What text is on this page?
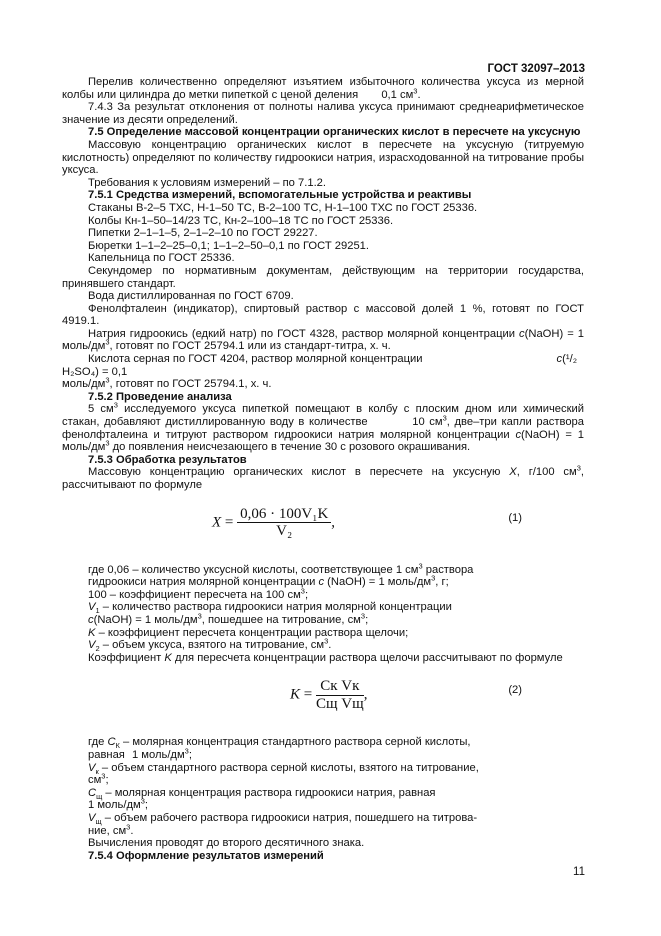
ГОСТ 32097–2013

Перелив количественно определяют изъятием избыточного количества уксуса из мерной колбы или цилиндра до метки пипеткой с ценой деления 0,1 $см^3$.

7.4.3 За результат отклонения от полноты налива уксуса принимают среднеарифметическое значение из десяти определений.

7.5 Определение массовой концентрации органических кислот в пересчете на уксусную

Массовую концентрацию органических кислот в пересчете на уксусную (титруемую кислотность) определяют по количеству гидроокиси натрия, израсходованной на титрование пробы уксуса.

Требования к условиям измерений – по 7.1.2.

7.5.1 Средства измерений, вспомогательные устройства и реактивы

Стаканы В-2–5 ТХС, Н-1–50 ТС, В-2–100 ТС, Н-1–100 ТХС по ГОСТ 25336.

Колбы Кн-1–50–14/23 ТС, Кн-2–100–18 ТС по ГОСТ 25336.

Пипетки 2–1–1–5, 2–1–2–10 по ГОСТ 29227.

Бюретки 1–1–2–25–0,1; 1–1–2–50–0,1 по ГОСТ 29251.

Капельница по ГОСТ 25336.

Секундомер по нормативным документам, действующим на территории государства, принявшего стандарт.

Вода дистиллированная по ГОСТ 6709.

Фенолфталеин (индикатор), спиртовый раствор с массовой долей 1 %, готовят по ГОСТ 4919.1.

Натрия гидроокись (едкий натр) по ГОСТ 4328, раствор молярной концентрации c(NaOH) = 1 моль/$дм^3$, готовят по ГОСТ 25794.1 или из стандарт-титра, х. ч.

Кислота серная по ГОСТ 4204, раствор молярной концентрации	c(¹/₂ H₂SO₄) = 0,1
моль/$дм^3$, готовят по ГОСТ 25794.1, х. ч.

7.5.2 Проведение анализа

5 $см^3$ исследуемого уксуса пипеткой помещают в колбу с плоским дном или химический стакан, добавляют дистиллированную воду в количестве	10 $см^3$, две–три капли раствора фенолфталеина и титруют раствором гидроокиси натрия молярной концентрации c(NaOH) = 1 моль/$дм^3$ до появления неисчезающего в течение 30 с розового окрашивания.

7.5.3 Обработка результатов

Массовую концентрацию органических кислот в пересчете на уксусную X, г/100 $см^3$, рассчитывают по формуле

$X = \frac{\text{0,06 · 100V₁K}}{\text{V₂}}$ ,	(1)
где 0,06 – количество уксусной кислоты, соответствующее 1 $см^3$ раствора
гидроокиси натрия молярной концентрации c (NaOH) = 1 моль/$дм^3$, г;
100 – коэффициент пересчета на 100 $см^3$;
$V_1$ – количество раствора гидроокиси натрия молярной концентрации
c(NaOH) = 1 моль/$дм^3$, пошедшее на титрование, $см^3$;
K – коэффициент пересчета концентрации раствора щелочи;
$V_2$ – объем уксуса, взятого на титрование, $см^3$.
Коэффициент K для пересчета концентрации раствора щелочи рассчитывают по формуле
$K = \frac{\text{Cк Vк}}{\text{Cщ Vщ}}$ ,	(2)
где $C_К$ – молярная концентрация стандартного раствора серной кислоты,
равная 1 моль/$дм^3$;
$V_к$ – объем стандартного раствора серной кислоты, взятого на титрование,
$см^3$;
$C_щ$ – молярная концентрация раствора гидроокиси натрия, равная
1 моль/$дм^3$;
$V_щ$ – объем рабочего раствора гидроокиси натрия, пошедшего на титрова-
ние, $см^3$.
Вычисления проводят до второго десятичного знака.
7.5.4 Оформление результатов измерений
11
